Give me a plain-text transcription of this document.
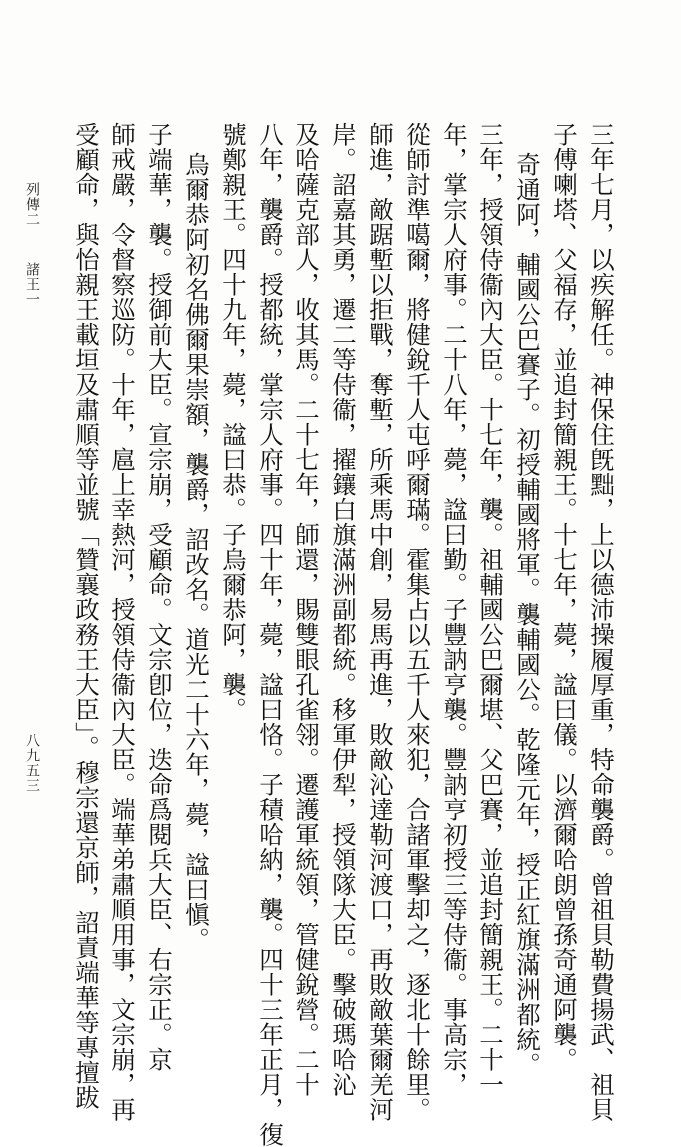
三年七月，以疾解任。神保住旣黜，上以德沛操履厚重，特命襲爵。曾祖貝勒費揚武、祖貝
子傅喇塔、父福存，並追封簡親王。十七年，薨，諡曰儀。以濟爾哈朗曾孫奇通阿襲。
奇通阿，輔國公巴賽子。初授輔國將軍。襲輔國公。乾隆元年，授正紅旗滿洲都統。
三年，授領侍衞內大臣。十七年，襲。祖輔國公巴爾堪、父巴賽，並追封簡親王。二十一
年，掌宗人府事。二十八年，薨，諡曰勤。子豐訥亨襲。豐訥亨初授三等侍衞。事高宗，
從師討準噶爾，將健銳千人屯呼爾璊。霍集占以五千人來犯，合諸軍擊却之，逐北十餘里。
師進，敵踞塹以拒戰，奪塹，所乘馬中創，易馬再進，敗敵沁達勒河渡口，再敗敵葉爾羌河
岸。詔嘉其勇，遷二等侍衞，擢鑲白旗滿洲副都統。移軍伊犁，授領隊大臣。擊破瑪哈沁
及哈薩克部人，收其馬。二十七年，師還，賜雙眼孔雀翎。遷護軍統領，管健銳營。二十
八年，襲爵。授都統，掌宗人府事。四十年，薨，諡曰恪。子積哈納，襲。四十三年正月，復
號鄭親王。四十九年，薨，諡曰恭。子烏爾恭阿，襲。
烏爾恭阿初名佛爾果崇額，襲爵，詔改名。道光二十六年，薨，諡曰愼。
子端華，襲。授御前大臣。宣宗崩，受顧命。文宗卽位，迭命爲閱兵大臣、右宗正。京
師戒嚴，令督察巡防。十年，扈上幸熱河，授領侍衞內大臣。端華弟肅順用事，文宗崩，再
受顧命，與怡親王載垣及肅順等並號「贊襄政務王大臣」。穆宗還京師，詔責端華等專擅跋
列傳二
諸王一
八九五三
